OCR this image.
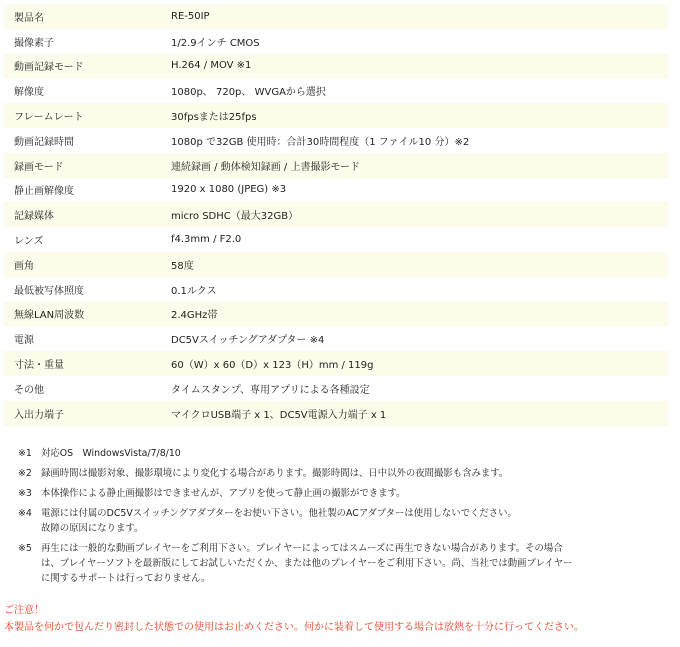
製品名	RE-50IP
撮像素子	1/2.9インチ CMOS
動画記録モード	H.264 / MOV ※1
解像度	1080p、 720p、 WVGAから選択
フレームレート	30fpsまたは25fps
動画記録時間	1080p で32GB 使用時：合計30時間程度（1 ファイル10 分）※2
録画モード	連続録画 / 動体検知録画 / 上書撮影モード
静止画解像度	1920 x 1080 (JPEG) ※3
記録媒体	micro SDHC（最大32GB）
レンズ	f4.3mm / F2.0
画角	58度
最低被写体照度	0.1ルクス
無線LAN周波数	2.4GHz帯
電源	DC5Vスイッチングアダプター ※4
寸法・重量	60（W）x 60（D）x 123（H）mm / 119g
その他	タイムスタンプ、専用アプリによる各種設定
入出力端子	マイクロUSB端子 x 1、DC5V電源入力端子 x 1
※1 対応OS　WindowsVista/7/8/10
※2 録画時間は撮影対象、撮影環境により変化する場合があります。撮影時間は、日中以外の夜間撮影も含みます。
※3 本体操作による静止画撮影はできませんが、アプリを使って静止画の撮影ができます。
※4 電源には付属のDC5Vスイッチングアダプターをお使い下さい。他社製のACアダプターは使用しないでください。
故障の原因になります。
※5 再生には一般的な動画プレイヤーをご利用下さい。プレイヤーによってはスムーズに再生できない場合があります。その場合
は、プレイヤーソフトを最新版にしてお試しいただくか、または他のプレイヤーをご利用下さい。尚、当社では動画プレイヤー
に関するサポートは行っておりません。
ご注意！
本製品を何かで包んだり密封した状態での使用はお止めください。何かに装着して使用する場合は放熱を十分に行ってください。
